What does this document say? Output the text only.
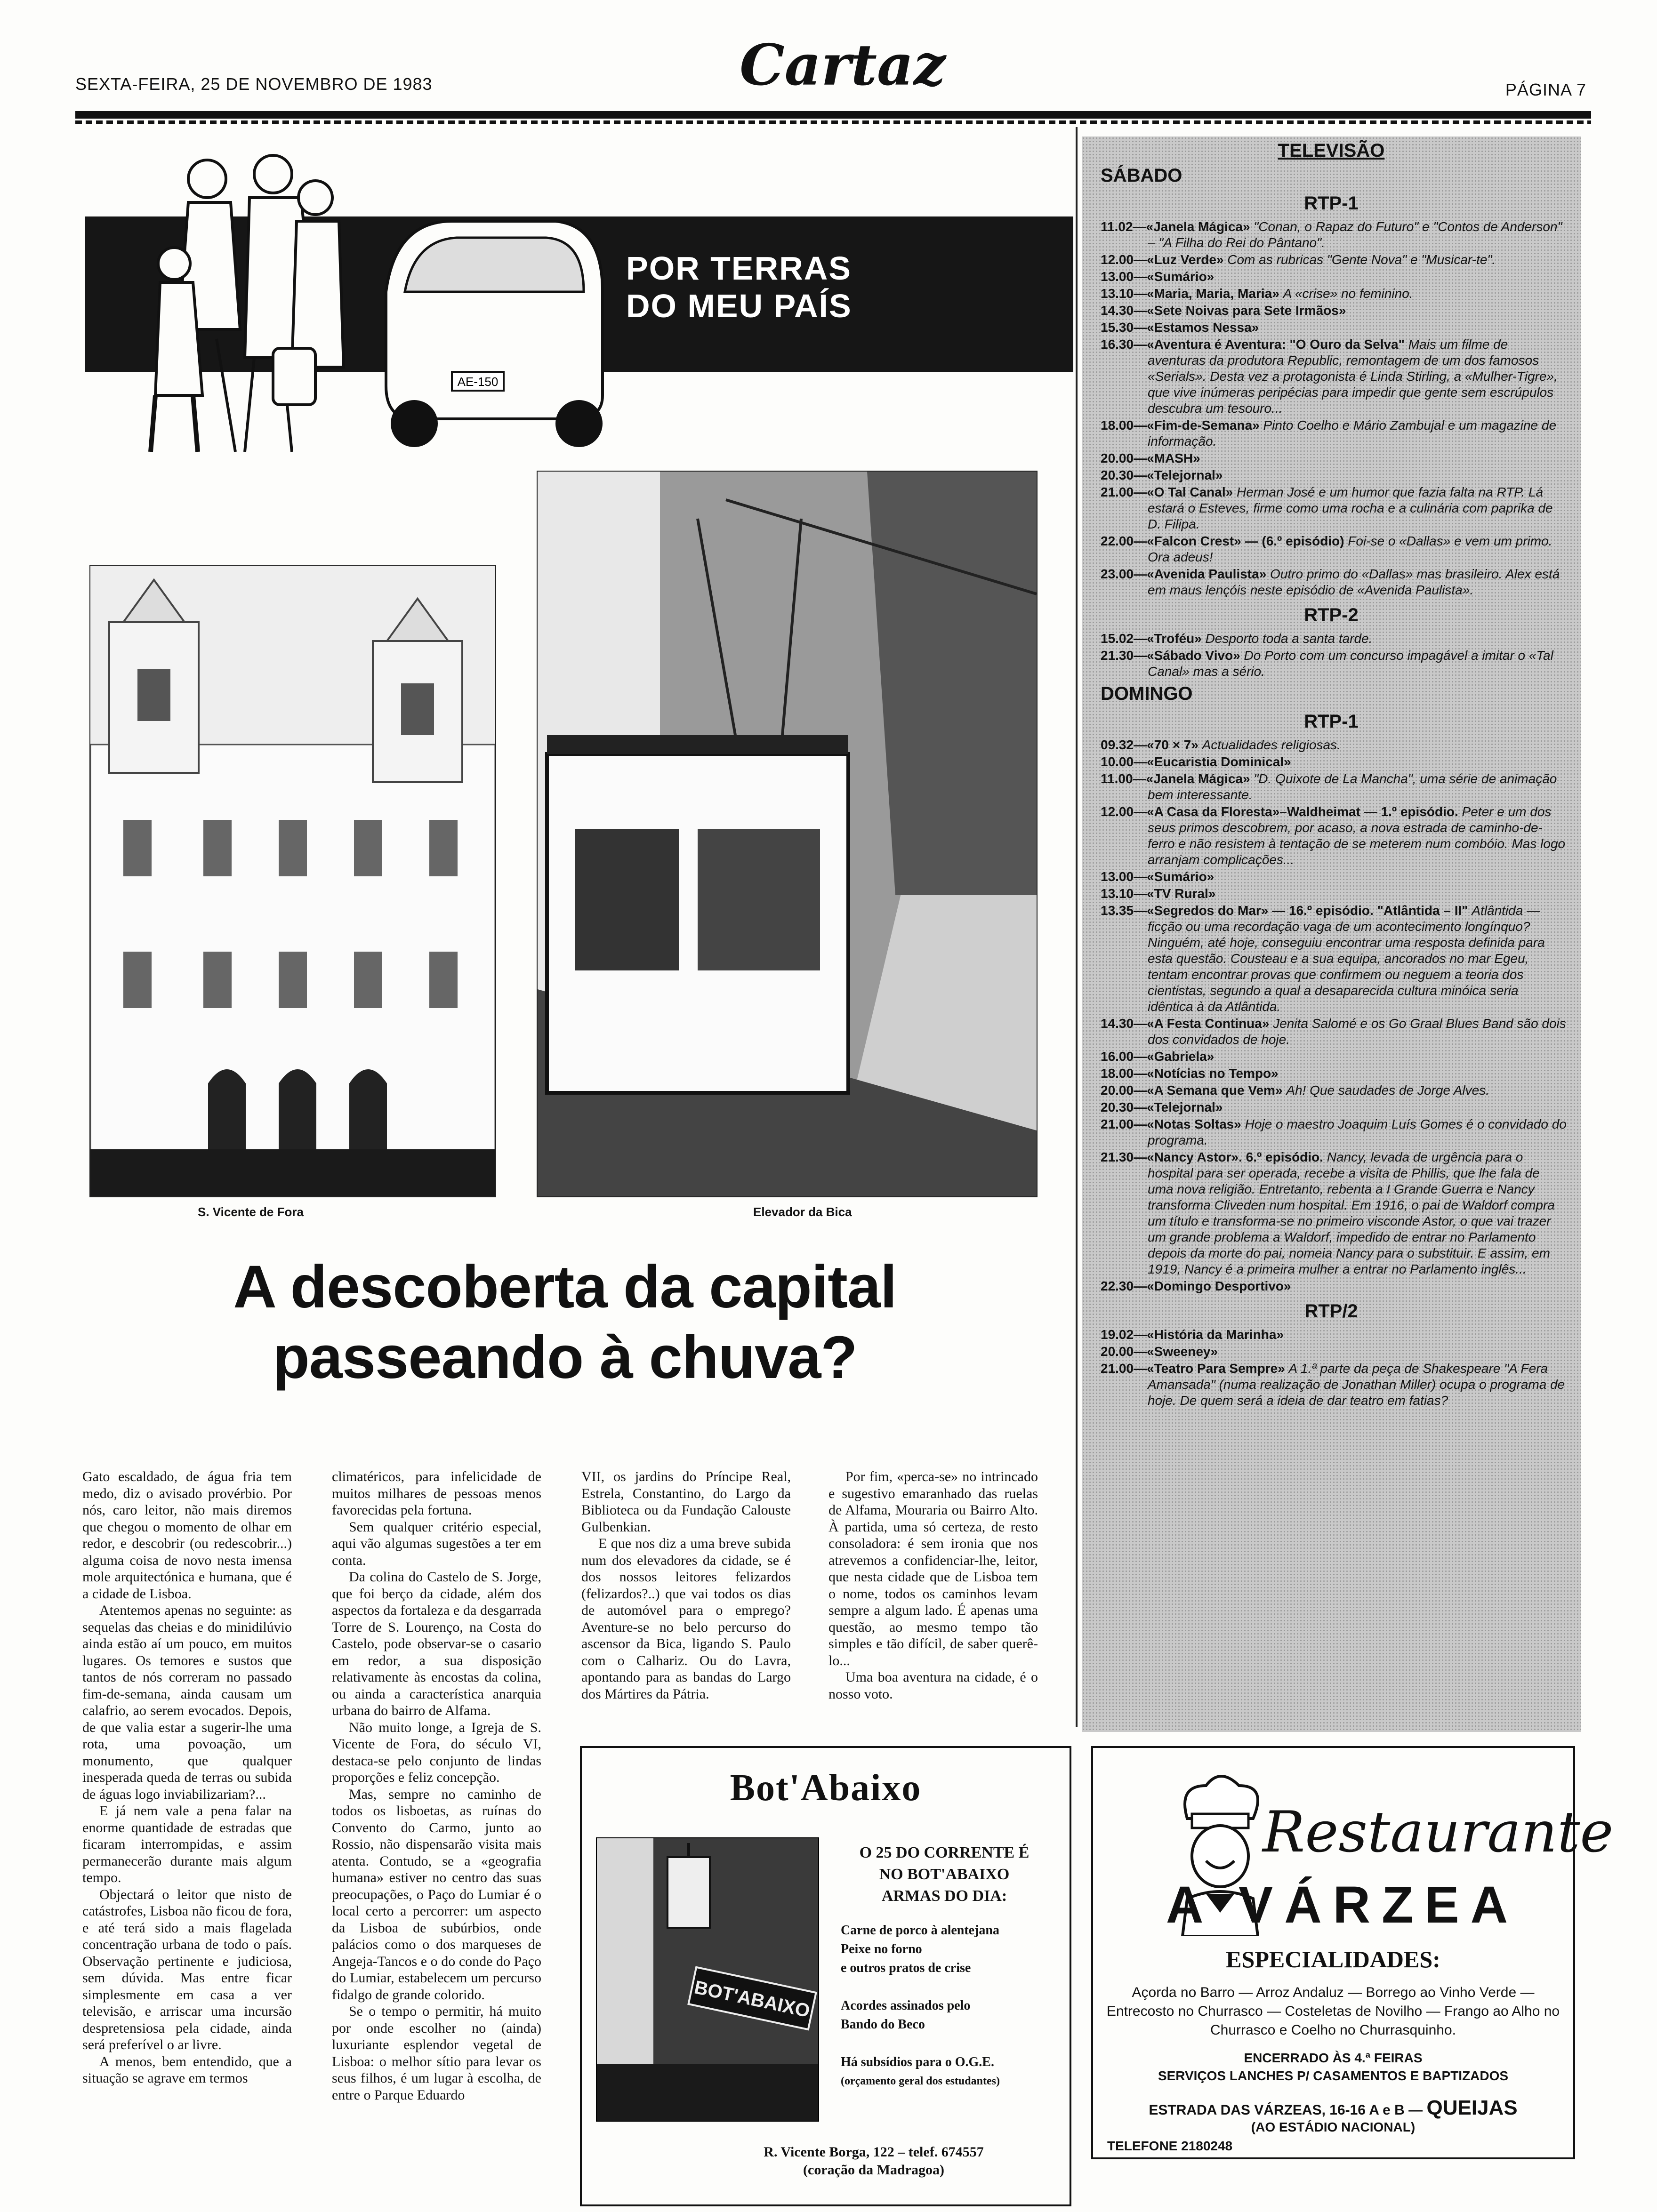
SEXTA-FEIRA, 25 DE NOVEMBRO DE 1983	Cartaz	PÁGINA 7
AE-150
POR TERRAS
DO MEU PAÍS
S. Vicente de Fora	Elevador da Bica
A descoberta da capital
passeando à chuva?

Gato escaldado, de água fria tem medo, diz o avisado provérbio. Por nós, caro leitor, não mais diremos que chegou o momento de olhar em redor, e descobrir (ou redescobrir...) alguma coisa de novo nesta imensa mole arquitectónica e humana, que é a cidade de Lisboa.

Atentemos apenas no seguinte: as sequelas das cheias e do minidilúvio ainda estão aí um pouco, em muitos lugares. Os temores e sustos que tantos de nós correram no passado fim-de-semana, ainda causam um calafrio, ao serem evocados. Depois, de que valia estar a sugerir-lhe uma rota, uma povoação, um monumento, que qualquer inesperada queda de terras ou subida de águas logo inviabilizariam?...

E já nem vale a pena falar na enorme quantidade de estradas que ficaram interrompidas, e assim permanecerão durante mais algum tempo.

Objectará o leitor que nisto de catástrofes, Lisboa não ficou de fora, e até terá sido a mais flagelada concentração urbana de todo o país. Observação pertinente e judiciosa, sem dúvida. Mas entre ficar simplesmente em casa a ver televisão, e arriscar uma incursão despretensiosa pela cidade, ainda será preferível o ar livre.

A menos, bem entendido, que a situação se agrave em termos

climatéricos, para infelicidade de muitos milhares de pessoas menos favorecidas pela fortuna.

Sem qualquer critério especial, aqui vão algumas sugestões a ter em conta.

Da colina do Castelo de S. Jorge, que foi berço da cidade, além dos aspectos da fortaleza e da desgarrada Torre de S. Lourenço, na Costa do Castelo, pode observar-se o casario em redor, a sua disposição relativamente às encostas da colina, ou ainda a característica anarquia urbana do bairro de Alfama.

Não muito longe, a Igreja de S. Vicente de Fora, do século VI, destaca-se pelo conjunto de lindas proporções e feliz concepção.

Mas, sempre no caminho de todos os lisboetas, as ruínas do Convento do Carmo, junto ao Rossio, não dispensarão visita mais atenta. Contudo, se a «geografia humana» estiver no centro das suas preocupações, o Paço do Lumiar é o local certo a percorrer: um aspecto da Lisboa de subúrbios, onde palácios como o dos marqueses de Angeja-Tancos e o do conde do Paço do Lumiar, estabelecem um percurso fidalgo de grande colorido.

Se o tempo o permitir, há muito por onde escolher no (ainda) luxuriante esplendor vegetal de Lisboa: o melhor sítio para levar os seus filhos, é um lugar à escolha, de entre o Parque Eduardo

VII, os jardins do Príncipe Real, Estrela, Constantino, do Largo da Biblioteca ou da Fundação Calouste Gulbenkian.

E que nos diz a uma breve subida num dos elevadores da cidade, se é dos nossos leitores felizardos (felizardos?..) que vai todos os dias de automóvel para o emprego? Aventure-se no belo percurso do ascensor da Bica, ligando S. Paulo com o Calhariz. Ou do Lavra, apontando para as bandas do Largo dos Mártires da Pátria.

Por fim, «perca-se» no intrincado e sugestivo emaranhado das ruelas de Alfama, Mouraria ou Bairro Alto. À partida, uma só certeza, de resto consoladora: é sem ironia que nos atrevemos a confidenciar-lhe, leitor, que nesta cidade que de Lisboa tem o nome, todos os caminhos levam sempre a algum lado. É apenas uma questão, ao mesmo tempo tão simples e tão difícil, de saber querê-lo...

Uma boa aventura na cidade, é o nosso voto.

TELEVISÃO
SÁBADO
RTP-1
11.02—«Janela Mágica» "Conan, o Rapaz do Futuro" e "Contos de Anderson" – "A Filha do Rei do Pântano".
12.00—«Luz Verde» Com as rubricas "Gente Nova" e "Musicar-te".
13.00—«Sumário»
13.10—«Maria, Maria, Maria» A «crise» no feminino.
14.30—«Sete Noivas para Sete Irmãos»
15.30—«Estamos Nessa»
16.30—«Aventura é Aventura: "O Ouro da Selva" Mais um filme de aventuras da produtora Republic, remontagem de um dos famosos «Serials». Desta vez a protagonista é Linda Stirling, a «Mulher-Tigre», que vive inúmeras peripécias para impedir que gente sem escrúpulos descubra um tesouro...
18.00—«Fim-de-Semana» Pinto Coelho e Mário Zambujal e um magazine de informação.
20.00—«MASH»
20.30—«Telejornal»
21.00—«O Tal Canal» Herman José e um humor que fazia falta na RTP. Lá estará o Esteves, firme como uma rocha e a culinária com paprika de D. Filipa.
22.00—«Falcon Crest» — (6.º episódio) Foi-se o «Dallas» e vem um primo. Ora adeus!
23.00—«Avenida Paulista» Outro primo do «Dallas» mas brasileiro. Alex está em maus lençóis neste episódio de «Avenida Paulista».
RTP-2
15.02—«Troféu» Desporto toda a santa tarde.
21.30—«Sábado Vivo» Do Porto com um concurso impagável a imitar o «Tal Canal» mas a sério.
DOMINGO
RTP-1
09.32—«70 × 7» Actualidades religiosas.
10.00—«Eucaristia Dominical»
11.00—«Janela Mágica» "D. Quixote de La Mancha", uma série de animação bem interessante.
12.00—«A Casa da Floresta»–Waldheimat — 1.º episódio. Peter e um dos seus primos descobrem, por acaso, a nova estrada de caminho-de-ferro e não resistem à tentação de se meterem num combóio. Mas logo arranjam complicações...
13.00—«Sumário»
13.10—«TV Rural»
13.35—«Segredos do Mar» — 16.º episódio. "Atlântida – II" Atlântida — ficção ou uma recordação vaga de um acontecimento longínquo? Ninguém, até hoje, conseguiu encontrar uma resposta definida para esta questão. Cousteau e a sua equipa, ancorados no mar Egeu, tentam encontrar provas que confirmem ou neguem a teoria dos cientistas, segundo a qual a desaparecida cultura minóica seria idêntica à da Atlântida.
14.30—«A Festa Continua» Jenita Salomé e os Go Graal Blues Band são dois dos convidados de hoje.
16.00—«Gabriela»
18.00—«Notícias no Tempo»
20.00—«A Semana que Vem» Ah! Que saudades de Jorge Alves.
20.30—«Telejornal»
21.00—«Notas Soltas» Hoje o maestro Joaquim Luís Gomes é o convidado do programa.
21.30—«Nancy Astor». 6.º episódio. Nancy, levada de urgência para o hospital para ser operada, recebe a visita de Phillis, que lhe fala de uma nova religião. Entretanto, rebenta a I Grande Guerra e Nancy transforma Cliveden num hospital. Em 1916, o pai de Waldorf compra um título e transforma-se no primeiro visconde Astor, o que vai trazer um grande problema a Waldorf, impedido de entrar no Parlamento depois da morte do pai, nomeia Nancy para o substituir. E assim, em 1919, Nancy é a primeira mulher a entrar no Parlamento inglês...
22.30—«Domingo Desportivo»
RTP/2
19.02—«História da Marinha»
20.00—«Sweeney»
21.00—«Teatro Para Sempre» A 1.ª parte da peça de Shakespeare "A Fera Amansada" (numa realização de Jonathan Miller) ocupa o programa de hoje. De quem será a ideia de dar teatro em fatias?
Bot'Abaixo
BOT'ABAIXO
O 25 DO CORRENTE É
NO BOT'ABAIXO
ARMAS DO DIA:
Carne de porco à alentejana
Peixe no forno
e outros pratos de crise
Acordes assinados pelo
Bando do Beco
Há subsídios para o O.G.E.
(orçamento geral dos estudantes)
R. Vicente Borga, 122 – telef. 674557
(coração da Madragoa)
Restaurante
A VÁRZEA
ESPECIALIDADES:
Açorda no Barro — Arroz Andaluz — Borrego ao Vinho Verde — Entrecosto no Churrasco — Costeletas de Novilho — Frango ao Alho no Churrasco e Coelho no Churrasquinho.
ENCERRADO ÀS 4.ª FEIRAS
SERVIÇOS LANCHES P/ CASAMENTOS E BAPTIZADOS
ESTRADA DAS VÁRZEAS, 16-16 A e B — QUEIJAS
(AO ESTÁDIO NACIONAL)
TELEFONE 2180248
